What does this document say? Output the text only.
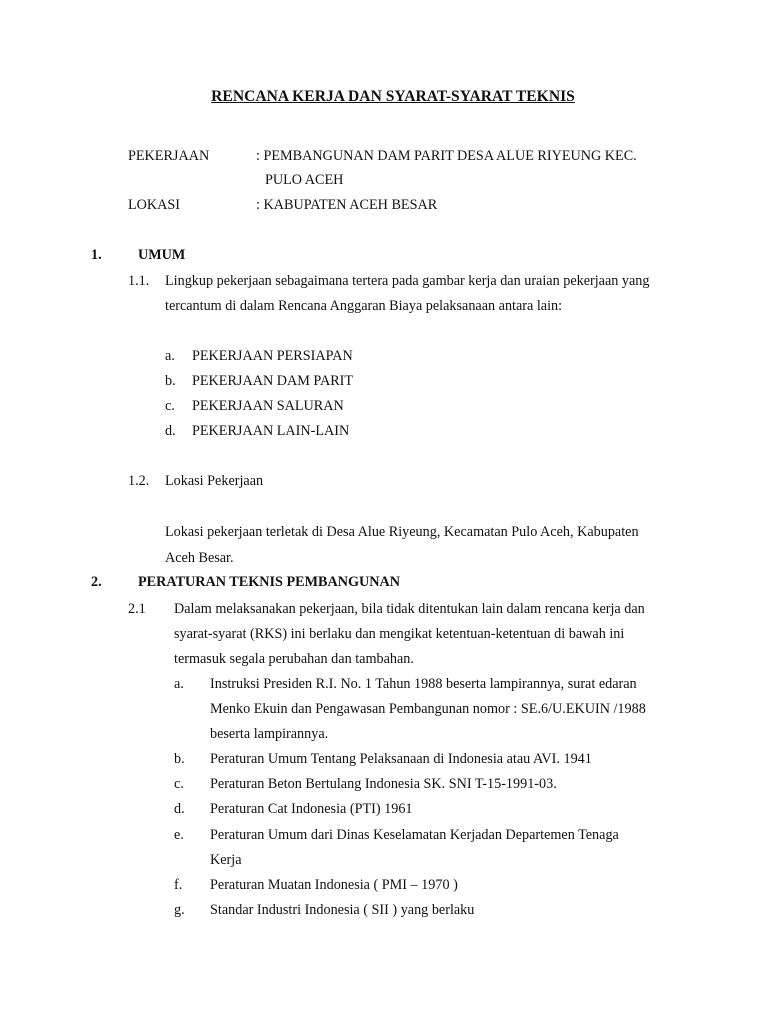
RENCANA KERJA DAN SYARAT-SYARAT TEKNIS
PEKERJAAN	: PEMBANGUNAN DAM PARIT DESA ALUE RIYEUNG KEC.
PULO ACEH
LOKASI	: KABUPATEN ACEH BESAR
1.	UMUM
1.1. Lingkup pekerjaan sebagaimana tertera pada gambar kerja dan uraian pekerjaan yang
tercantum di dalam Rencana Anggaran Biaya pelaksanaan antara lain:
a. PEKERJAAN PERSIAPAN
b. PEKERJAAN DAM PARIT
c. PEKERJAAN SALURAN
d. PEKERJAAN LAIN-LAIN
1.2. Lokasi Pekerjaan
Lokasi pekerjaan terletak di Desa Alue Riyeung, Kecamatan Pulo Aceh, Kabupaten
Aceh Besar.
2.	PERATURAN TEKNIS PEMBANGUNAN
2.1 Dalam melaksanakan pekerjaan, bila tidak ditentukan lain dalam rencana kerja dan
syarat-syarat (RKS) ini berlaku dan mengikat ketentuan-ketentuan di bawah ini
termasuk segala perubahan dan tambahan.
a. Instruksi Presiden R.I. No. 1 Tahun 1988 beserta lampirannya, surat edaran
Menko Ekuin dan Pengawasan Pembangunan nomor : SE.6/U.EKUIN /1988
beserta lampirannya.
b. Peraturan Umum Tentang Pelaksanaan di Indonesia atau AVI. 1941
c. Peraturan Beton Bertulang Indonesia SK. SNI T-15-1991-03.
d. Peraturan Cat Indonesia (PTI) 1961
e. Peraturan Umum dari Dinas Keselamatan Kerjadan Departemen Tenaga
Kerja
f. Peraturan Muatan Indonesia ( PMI – 1970 )
g. Standar Industri Indonesia ( SII ) yang berlaku
